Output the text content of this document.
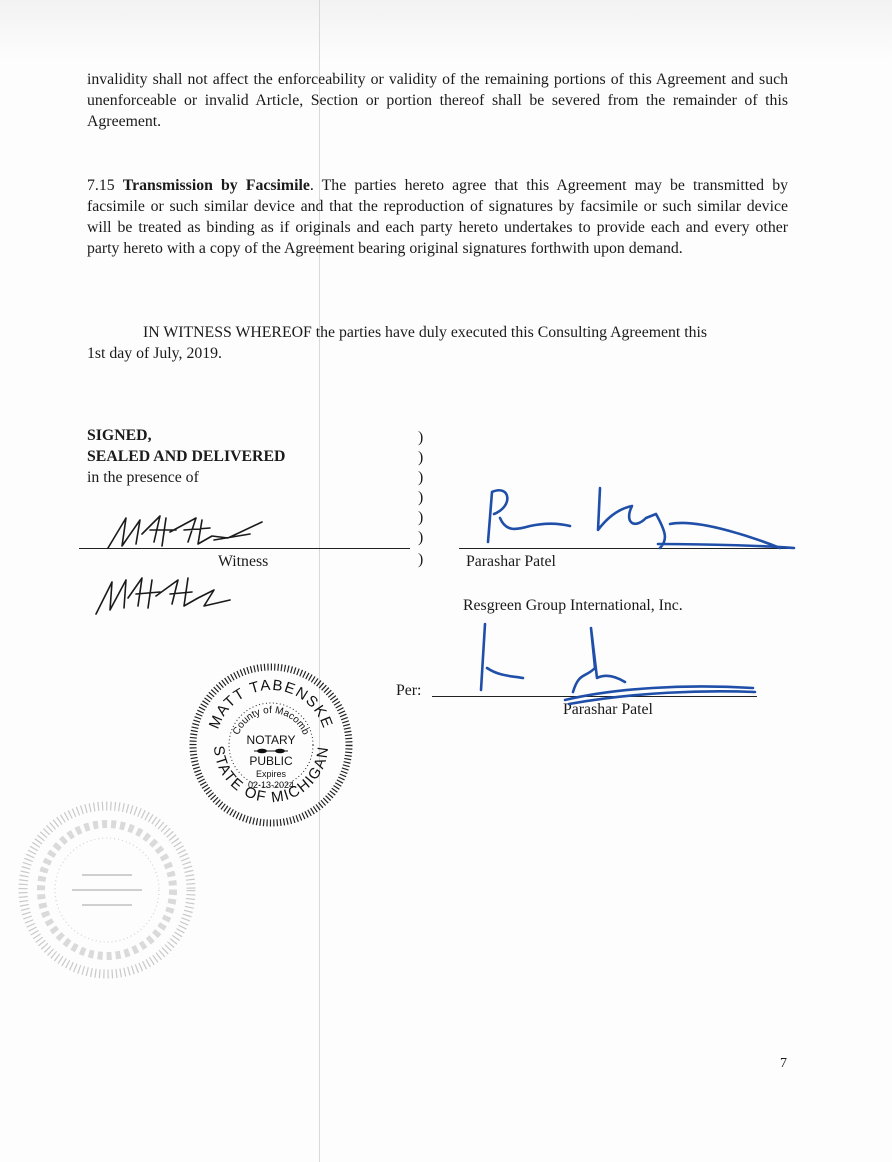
invalidity shall not affect the enforceability or validity of the remaining portions of this Agreement and such unenforceable or invalid Article, Section or portion thereof shall be severed from the remainder of this Agreement.
7.15 Transmission by Facsimile. The parties hereto agree that this Agreement may be transmitted by facsimile or such similar device and that the reproduction of signatures by facsimile or such similar device will be treated as binding as if originals and each party hereto undertakes to provide each and every other party hereto with a copy of the Agreement bearing original signatures forthwith upon demand.
IN WITNESS WHEREOF the parties have duly executed this Consulting Agreement this
1st day of July, 2019.
SIGNED,
SEALED AND DELIVERED
in the presence of
)
)
)
)
)
)
)
Witness	Parashar Patel
Resgreen Group International, Inc.
Per:
Parashar Patel
MATT TABENSKE
STATE OF MICHIGAN
County of Macomb
NOTARY
PUBLIC
Expires
02-13-2024
7
